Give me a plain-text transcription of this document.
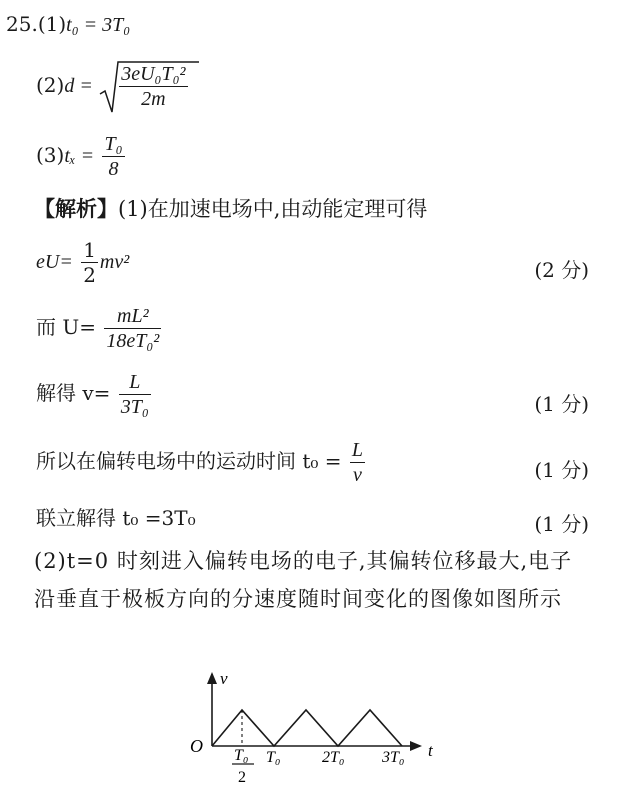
25.(1)t₀ = 3T₀
$(2)d = \frac{\text{3eU₀T₀²}}{2m}$
$(3)t_x = \frac{\text{T₀}}{8}$
【解析】(1)在加速电场中,由动能定理可得
$eU= \frac{1}{2} mv^2$	(2 分)
而 $U= \frac{\text{mL²}}{\text{18eT₀²}}$
解得 $v= \frac{L}{\text{3T₀}}$	(1 分)
所以在偏转电场中的运动时间 $t_0 = \frac{L}{v}$	(1 分)
联立解得 t₀ =3T₀	(1 分)
(2)t=0 时刻进入偏转电场的电子,其偏转位移最大,电子沿垂直于极板方向的分速度随时间变化的图像如图所示
v
O T₀
2
T₀	2T₀ 3T₀ t
